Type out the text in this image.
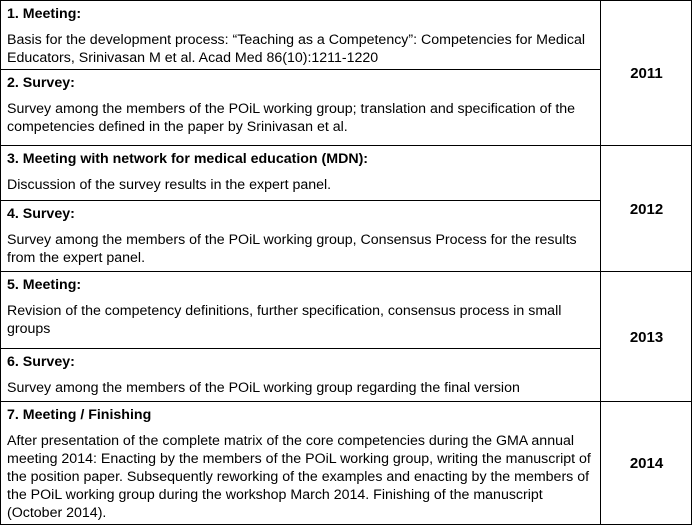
1. Meeting:
Basis for the development process: “Teaching as a Competency”: Competencies for Medical Educators, Srinivasan M et al. Acad Med 86(10):1211-1220	2011

2. Survey:
Survey among the members of the POiL working group; translation and specification of the competencies defined in the paper by Srinivasan et al.	

3. Meeting with network for medical education (MDN):
Discussion of the survey results in the expert panel.	2012

4. Survey:
Survey among the members of the POiL working group, Consensus Process for the results from the expert panel.	

5. Meeting:
Revision of the competency definitions, further specification, consensus process in small groups	2013

6. Survey:
Survey among the members of the POiL working group regarding the final version	

7. Meeting / Finishing
After presentation of the complete matrix of the core competencies during the GMA annual meeting 2014: Enacting by the members of the POiL working group, writing the manuscript of the position paper. Subsequently reworking of the examples and enacting by the members of the POiL working group during the workshop March 2014. Finishing of the manuscript (October 2014).	2014
